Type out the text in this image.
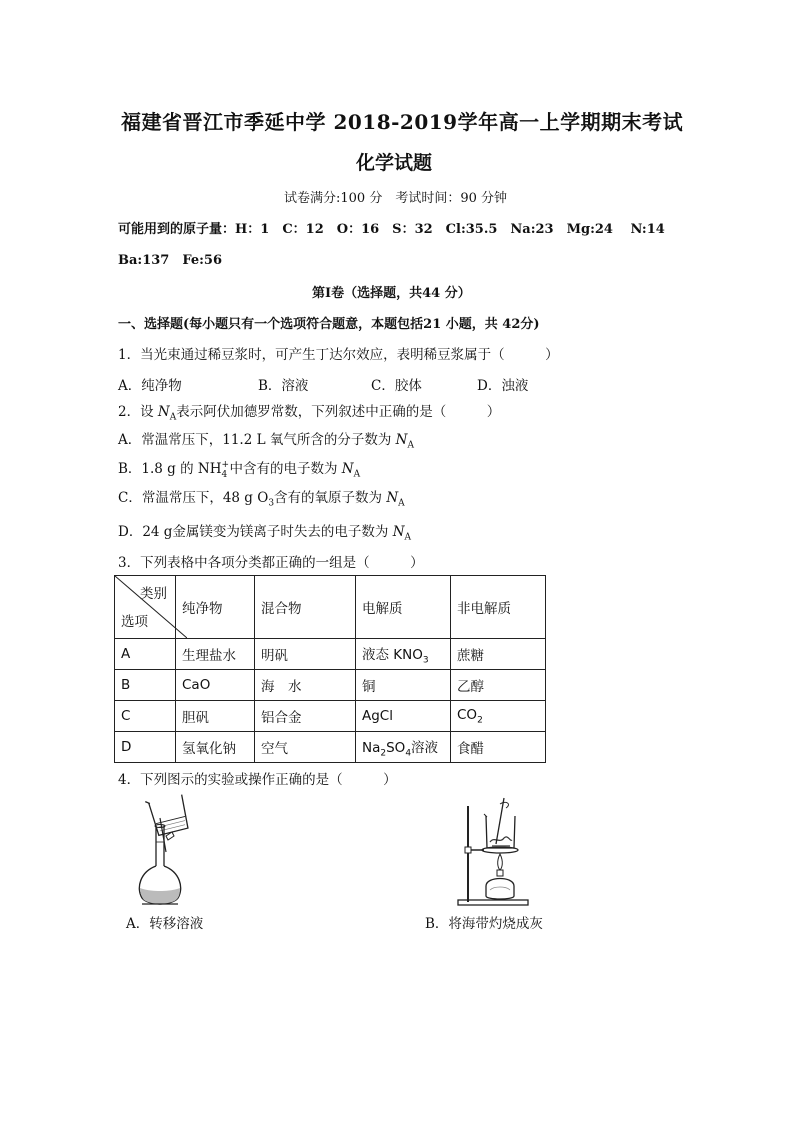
福建省晋江市季延中学 2018-2019学年高一上学期期末考试
化学试题
试卷满分:100 分　考试时间：90 分钟
可能用到的原子量：H：1　C：12　O：16　S：32　Cl:35.5　Na:23　Mg:24　 N:14
Ba:137　Fe:56
第Ⅰ卷（选择题，共44 分）
一、选择题(每小题只有一个选项符合题意，本题包括21 小题，共 42分)
1．当光束通过稀豆浆时，可产生丁达尔效应，表明稀豆浆属于（　　　）
A．纯净物	B．溶液	C．胶体	D．浊液
2．设 $N_A$表示阿伏加德罗常数，下列叙述中正确的是（　　　）
A．常温常压下，11.2 L 氧气所含的分子数为 $N_A$
B．1.8 g 的 NH +
4 中含有的电子数为 $N_A$
C．常温常压下，48 g $O_3$含有的氧原子数为 $N_A$
D．24 g金属镁变为镁离子时失去的电子数为 $N_A$
3．下列表格中各项分类都正确的一组是（　　　）
类别
选项	纯净物	混合物	电解质	非电解质
A	生理盐水	明矾	液态 $KNO_3$	蔗糖
B	CaO	海　水	铜	乙醇
C	胆矾	铝合金	AgCl	$CO_2$
D	氢氧化钠	空气	$Na_2SO_4$溶液	食醋
4．下列图示的实验或操作正确的是（　　　）
A．转移溶液	B．将海带灼烧成灰
